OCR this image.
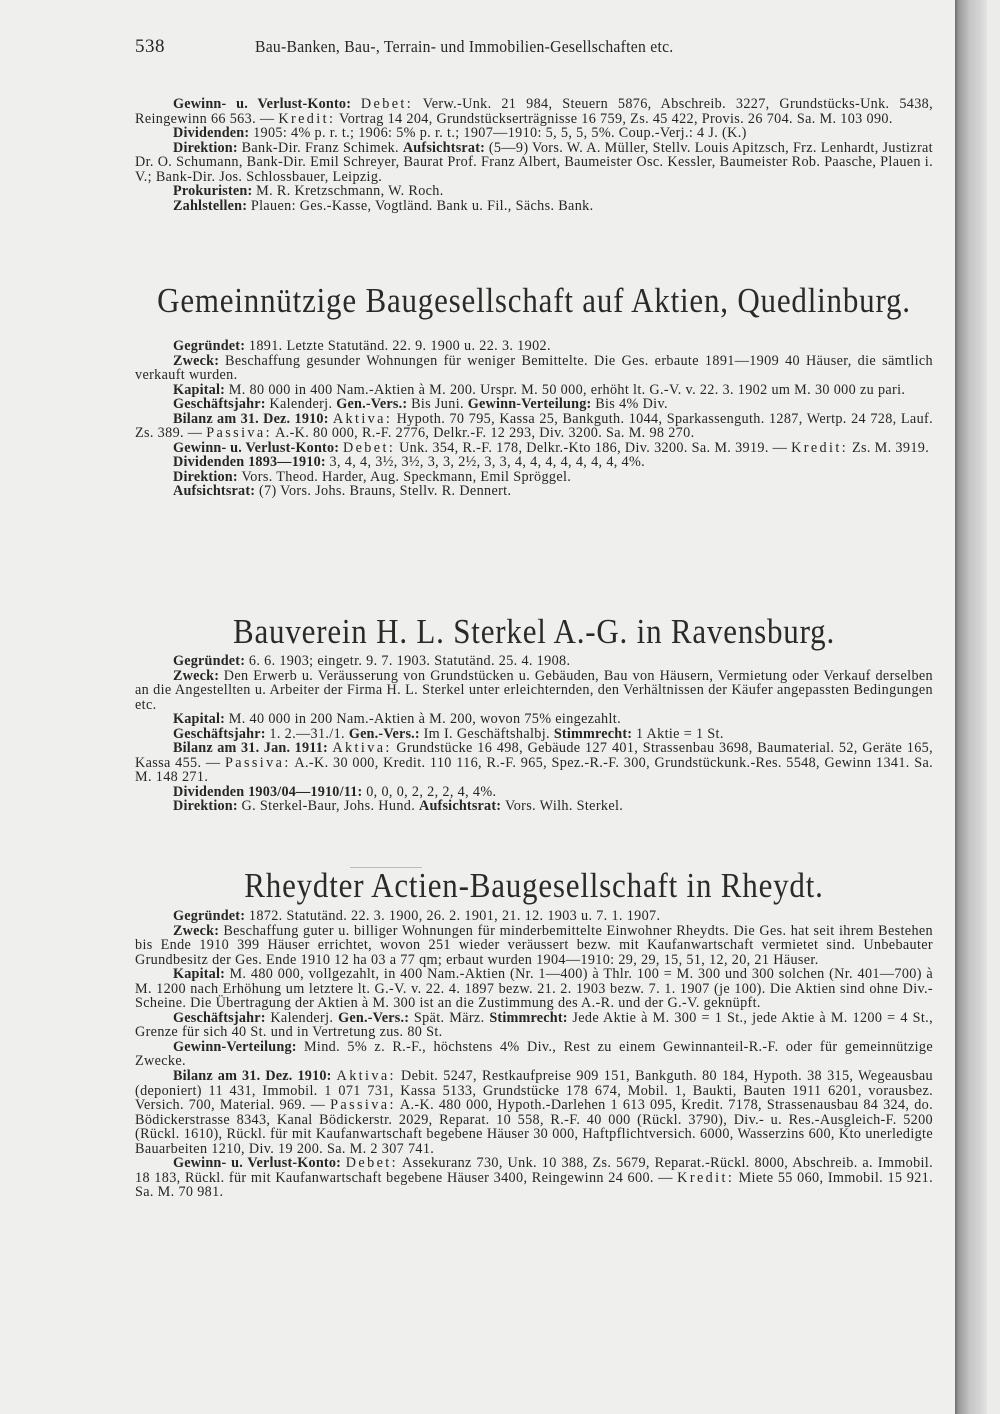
538	Bau-Banken, Bau-, Terrain- und Immobilien-Gesellschaften etc.

Gewinn- u. Verlust-Konto: Debet: Verw.-Unk. 21 984, Steuern 5876, Abschreib. 3227, Grundstücks-Unk. 5438, Reingewinn 66 563. — Kredit: Vortrag 14 204, Grundstückserträgnisse 16 759, Zs. 45 422, Provis. 26 704. Sa. M. 103 090.

Dividenden: 1905: 4% p. r. t.; 1906: 5% p. r. t.; 1907—1910: 5, 5, 5, 5%. Coup.-Verj.: 4 J. (K.)

Direktion: Bank-Dir. Franz Schimek. Aufsichtsrat: (5—9) Vors. W. A. Müller, Stellv. Louis Apitzsch, Frz. Lenhardt, Justizrat Dr. O. Schumann, Bank-Dir. Emil Schreyer, Baurat Prof. Franz Albert, Baumeister Osc. Kessler, Baumeister Rob. Paasche, Plauen i. V.; Bank-Dir. Jos. Schlossbauer, Leipzig.

Prokuristen: M. R. Kretzschmann, W. Roch.

Zahlstellen: Plauen: Ges.-Kasse, Vogtländ. Bank u. Fil., Sächs. Bank.

Gemeinnützige Baugesellschaft auf Aktien, Quedlinburg.

Gegründet: 1891. Letzte Statutänd. 22. 9. 1900 u. 22. 3. 1902.

Zweck: Beschaffung gesunder Wohnungen für weniger Bemittelte. Die Ges. erbaute 1891—1909 40 Häuser, die sämtlich verkauft wurden.

Kapital: M. 80 000 in 400 Nam.-Aktien à M. 200. Urspr. M. 50 000, erhöht lt. G.-V. v. 22. 3. 1902 um M. 30 000 zu pari.

Geschäftsjahr: Kalenderj. Gen.-Vers.: Bis Juni. Gewinn-Verteilung: Bis 4% Div.

Bilanz am 31. Dez. 1910: Aktiva: Hypoth. 70 795, Kassa 25, Bankguth. 1044, Sparkassenguth. 1287, Wertp. 24 728, Lauf. Zs. 389. — Passiva: A.-K. 80 000, R.-F. 2776, Delkr.-F. 12 293, Div. 3200. Sa. M. 98 270.

Gewinn- u. Verlust-Konto: Debet: Unk. 354, R.-F. 178, Delkr.-Kto 186, Div. 3200. Sa. M. 3919. — Kredit: Zs. M. 3919.

Dividenden 1893—1910: 3, 4, 4, 3½, 3½, 3, 3, 2½, 3, 3, 4, 4, 4, 4, 4, 4, 4, 4%.

Direktion: Vors. Theod. Harder, Aug. Speckmann, Emil Spröggel.

Aufsichtsrat: (7) Vors. Johs. Brauns, Stellv. R. Dennert.

Bauverein H. L. Sterkel A.-G. in Ravensburg.

Gegründet: 6. 6. 1903; eingetr. 9. 7. 1903. Statutänd. 25. 4. 1908.

Zweck: Den Erwerb u. Veräusserung von Grundstücken u. Gebäuden, Bau von Häusern, Vermietung oder Verkauf derselben an die Angestellten u. Arbeiter der Firma H. L. Sterkel unter erleichternden, den Verhältnissen der Käufer angepassten Bedingungen etc.

Kapital: M. 40 000 in 200 Nam.-Aktien à M. 200, wovon 75% eingezahlt.

Geschäftsjahr: 1. 2.—31./1. Gen.-Vers.: Im I. Geschäftshalbj. Stimmrecht: 1 Aktie = 1 St.

Bilanz am 31. Jan. 1911: Aktiva: Grundstücke 16 498, Gebäude 127 401, Strassenbau 3698, Baumaterial. 52, Geräte 165, Kassa 455. — Passiva: A.-K. 30 000, Kredit. 110 116, R.-F. 965, Spez.-R.-F. 300, Grundstückunk.-Res. 5548, Gewinn 1341. Sa. M. 148 271.

Dividenden 1903/04—1910/11: 0, 0, 0, 2, 2, 2, 4, 4%.

Direktion: G. Sterkel-Baur, Johs. Hund. Aufsichtsrat: Vors. Wilh. Sterkel.

Rheydter Actien-Baugesellschaft in Rheydt.

Gegründet: 1872. Statutänd. 22. 3. 1900, 26. 2. 1901, 21. 12. 1903 u. 7. 1. 1907.

Zweck: Beschaffung guter u. billiger Wohnungen für minderbemittelte Einwohner Rheydts. Die Ges. hat seit ihrem Bestehen bis Ende 1910 399 Häuser errichtet, wovon 251 wieder veräussert bezw. mit Kaufanwartschaft vermietet sind. Unbebauter Grundbesitz der Ges. Ende 1910 12 ha 03 a 77 qm; erbaut wurden 1904—1910: 29, 29, 15, 51, 12, 20, 21 Häuser.

Kapital: M. 480 000, vollgezahlt, in 400 Nam.-Aktien (Nr. 1—400) à Thlr. 100 = M. 300 und 300 solchen (Nr. 401—700) à M. 1200 nach Erhöhung um letztere lt. G.-V. v. 22. 4. 1897 bezw. 21. 2. 1903 bezw. 7. 1. 1907 (je 100). Die Aktien sind ohne Div.-Scheine. Die Übertragung der Aktien à M. 300 ist an die Zustimmung des A.-R. und der G.-V. geknüpft.

Geschäftsjahr: Kalenderj. Gen.-Vers.: Spät. März. Stimmrecht: Jede Aktie à M. 300 = 1 St., jede Aktie à M. 1200 = 4 St., Grenze für sich 40 St. und in Vertretung zus. 80 St.

Gewinn-Verteilung: Mind. 5% z. R.-F., höchstens 4% Div., Rest zu einem Gewinnanteil-R.-F. oder für gemeinnützige Zwecke.

Bilanz am 31. Dez. 1910: Aktiva: Debit. 5247, Restkaufpreise 909 151, Bankguth. 80 184, Hypoth. 38 315, Wegeausbau (deponiert) 11 431, Immobil. 1 071 731, Kassa 5133, Grundstücke 178 674, Mobil. 1, Baukti, Bauten 1911 6201, vorausbez. Versich. 700, Material. 969. — Passiva: A.-K. 480 000, Hypoth.-Darlehen 1 613 095, Kredit. 7178, Strassenausbau 84 324, do. Bödickerstrasse 8343, Kanal Bödickerstr. 2029, Reparat. 10 558, R.-F. 40 000 (Rückl. 3790), Div.- u. Res.-Ausgleich-F. 5200 (Rückl. 1610), Rückl. für mit Kaufanwartschaft begebene Häuser 30 000, Haftpflichtversich. 6000, Wasserzins 600, Kto unerledigte Bauarbeiten 1210, Div. 19 200. Sa. M. 2 307 741.

Gewinn- u. Verlust-Konto: Debet: Assekuranz 730, Unk. 10 388, Zs. 5679, Reparat.-Rückl. 8000, Abschreib. a. Immobil. 18 183, Rückl. für mit Kaufanwartschaft begebene Häuser 3400, Reingewinn 24 600. — Kredit: Miete 55 060, Immobil. 15 921. Sa. M. 70 981.
